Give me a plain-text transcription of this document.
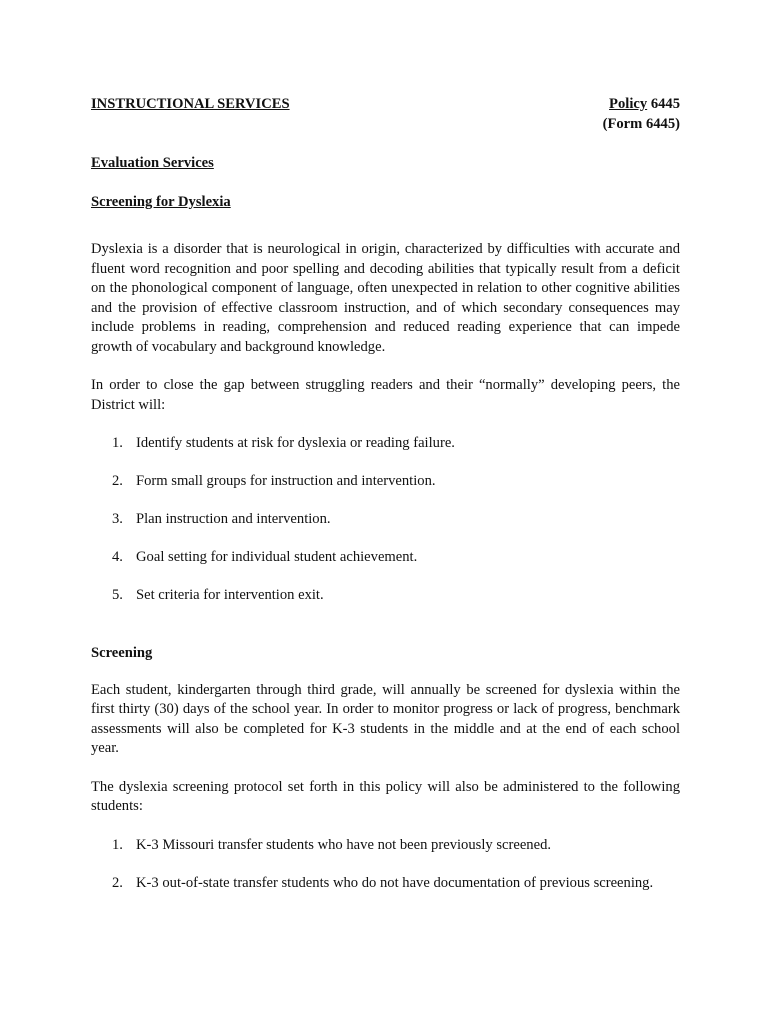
INSTRUCTIONAL SERVICES	Policy 6445
(Form 6445)
Evaluation Services
Screening for Dyslexia

Dyslexia is a disorder that is neurological in origin, characterized by difficulties with accurate and fluent word recognition and poor spelling and decoding abilities that typically result from a deficit on the phonological component of language, often unexpected in relation to other cognitive abilities and the provision of effective classroom instruction, and of which secondary consequences may include problems in reading, comprehension and reduced reading experience that can impede growth of vocabulary and background knowledge.

In order to close the gap between struggling readers and their “normally” developing peers, the District will:

1. Identify students at risk for dyslexia or reading failure.
2. Form small groups for instruction and intervention.
3. Plan instruction and intervention.
4. Goal setting for individual student achievement.
5. Set criteria for intervention exit.
Screening

Each student, kindergarten through third grade, will annually be screened for dyslexia within the first thirty (30) days of the school year. In order to monitor progress or lack of progress, benchmark assessments will also be completed for K-3 students in the middle and at the end of each school year.

The dyslexia screening protocol set forth in this policy will also be administered to the following students:

1. K-3 Missouri transfer students who have not been previously screened.
2. K-3 out-of-state transfer students who do not have documentation of previous screening.
